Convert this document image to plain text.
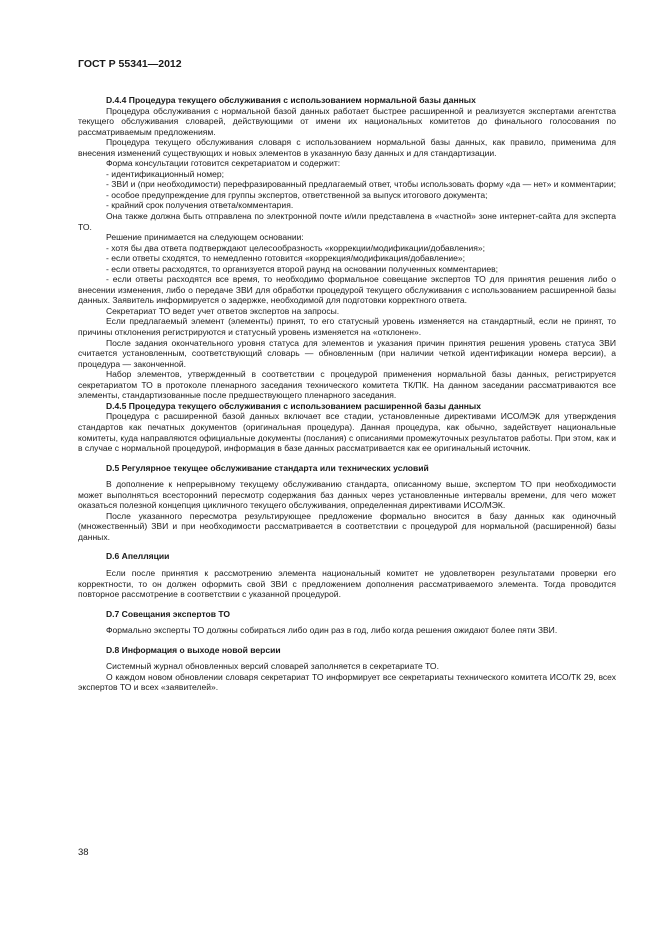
ГОСТ Р 55341—2012
D.4.4 Процедура текущего обслуживания с использованием нормальной базы данных

Процедура обслуживания с нормальной базой данных работает быстрее расширенной и реализуется экспертами агентства текущего обслуживания словарей, действующими от имени их национальных комитетов до финального голосования по рассматриваемым предложениям.

Процедура текущего обслуживания словаря с использованием нормальной базы данных, как правило, применима для внесения изменений существующих и новых элементов в указанную базу данных и для стандартизации.

Форма консультации готовится секретариатом и содержит:

- идентификационный номер;

- ЗВИ и (при необходимости) перефразированный предлагаемый ответ, чтобы использовать форму «да — нет» и комментарии;

- особое предупреждение для группы экспертов, ответственной за выпуск итогового документа;

- крайний срок получения ответа/комментария.

Она также должна быть отправлена по электронной почте и/или представлена в «частной» зоне интернет-сайта для эксперта ТО.

Решение принимается на следующем основании:

- хотя бы два ответа подтверждают целесообразность «коррекции/модификации/добавления»;

- если ответы сходятся, то немедленно готовится «коррекция/модификация/добавление»;

- если ответы расходятся, то организуется второй раунд на основании полученных комментариев;

- если ответы расходятся все время, то необходимо формальное совещание экспертов ТО для принятия решения либо о внесении изменения, либо о передаче ЗВИ для обработки процедурой текущего обслуживания с использованием расширенной базы данных. Заявитель информируется о задержке, необходимой для подготовки корректного ответа.

Секретариат ТО ведет учет ответов экспертов на запросы.

Если предлагаемый элемент (элементы) принят, то его статусный уровень изменяется на стандартный, если не принят, то причины отклонения регистрируются и статусный уровень изменяется на «отклонен».

После задания окончательного уровня статуса для элементов и указания причин принятия решения уровень статуса ЗВИ считается установленным, соответствующий словарь — обновленным (при наличии четкой идентификации номера версии), а процедура — законченной.

Набор элементов, утвержденный в соответствии с процедурой применения нормальной базы данных, регистрируется секретариатом ТО в протоколе пленарного заседания технического комитета ТК/ПК. На данном заседании рассматриваются все элементы, стандартизованные после предшествующего пленарного заседания.

D.4.5 Процедура текущего обслуживания с использованием расширенной базы данных

Процедура с расширенной базой данных включает все стадии, установленные директивами ИСО/МЭК для утверждения стандартов как печатных документов (оригинальная процедура). Данная процедура, как обычно, задействует национальные комитеты, куда направляются официальные документы (послания) с описаниями промежуточных результатов работы. При этом, как и в случае с нормальной процедурой, информация в базе данных рассматривается как ее оригинальный источник.

D.5 Регулярное текущее обслуживание стандарта или технических условий

В дополнение к непрерывному текущему обслуживанию стандарта, описанному выше, экспертом ТО при необходимости может выполняться всесторонний пересмотр содержания баз данных через установленные интервалы времени, для чего может оказаться полезной концепция цикличного текущего обслуживания, определенная директивами ИСО/МЭК.

После указанного пересмотра результирующее предложение формально вносится в базу данных как одиночный (множественный) ЗВИ и при необходимости рассматривается в соответствии с процедурой для нормальной (расширенной) базы данных.

D.6 Апелляции

Если после принятия к рассмотрению элемента национальный комитет не удовлетворен результатами проверки его корректности, то он должен оформить свой ЗВИ с предложением дополнения рассматриваемого элемента. Тогда проводится повторное рассмотрение в соответствии с указанной процедурой.

D.7 Совещания экспертов ТО

Формально эксперты ТО должны собираться либо один раз в год, либо когда решения ожидают более пяти ЗВИ.

D.8 Информация о выходе новой версии

Системный журнал обновленных версий словарей заполняется в секретариате ТО.

О каждом новом обновлении словаря секретариат ТО информирует все секретариаты технического комитета ИСО/ТК 29, всех экспертов ТО и всех «заявителей».

38
